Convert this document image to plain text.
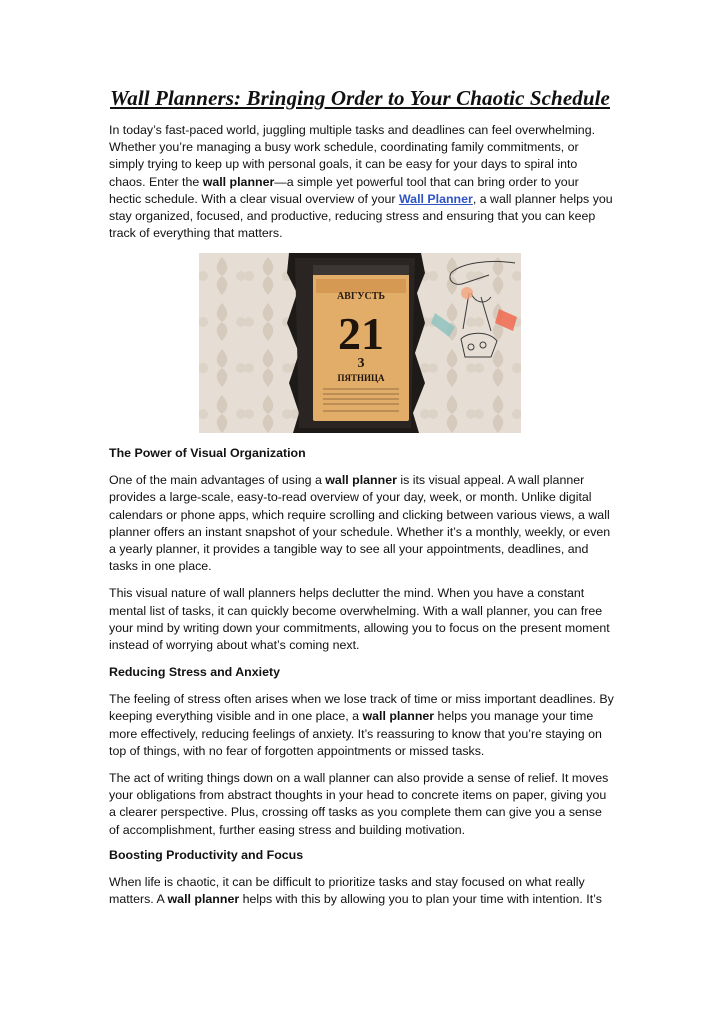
Wall Planners: Bringing Order to Your Chaotic Schedule

In today’s fast-paced world, juggling multiple tasks and deadlines can feel overwhelming. Whether you’re managing a busy work schedule, coordinating family commitments, or simply trying to keep up with personal goals, it can be easy for your days to spiral into chaos. Enter the wall planner—a simple yet powerful tool that can bring order to your hectic schedule. With a clear visual overview of your Wall Planner, a wall planner helps you stay organized, focused, and productive, reducing stress and ensuring that you can keep track of everything that matters.

АВГУСТЬ
21
3
ПЯТНИЦА
The Power of Visual Organization

One of the main advantages of using a wall planner is its visual appeal. A wall planner provides a large-scale, easy-to-read overview of your day, week, or month. Unlike digital calendars or phone apps, which require scrolling and clicking between various views, a wall planner offers an instant snapshot of your schedule. Whether it’s a monthly, weekly, or even a yearly planner, it provides a tangible way to see all your appointments, deadlines, and tasks in one place.

This visual nature of wall planners helps declutter the mind. When you have a constant mental list of tasks, it can quickly become overwhelming. With a wall planner, you can free your mind by writing down your commitments, allowing you to focus on the present moment instead of worrying about what’s coming next.

Reducing Stress and Anxiety

The feeling of stress often arises when we lose track of time or miss important deadlines. By keeping everything visible and in one place, a wall planner helps you manage your time more effectively, reducing feelings of anxiety. It’s reassuring to know that you’re staying on top of things, with no fear of forgotten appointments or missed tasks.

The act of writing things down on a wall planner can also provide a sense of relief. It moves your obligations from abstract thoughts in your head to concrete items on paper, giving you a clearer perspective. Plus, crossing off tasks as you complete them can give you a sense of accomplishment, further easing stress and building motivation.

Boosting Productivity and Focus

When life is chaotic, it can be difficult to prioritize tasks and stay focused on what really matters. A wall planner helps with this by allowing you to plan your time with intention. It’s
